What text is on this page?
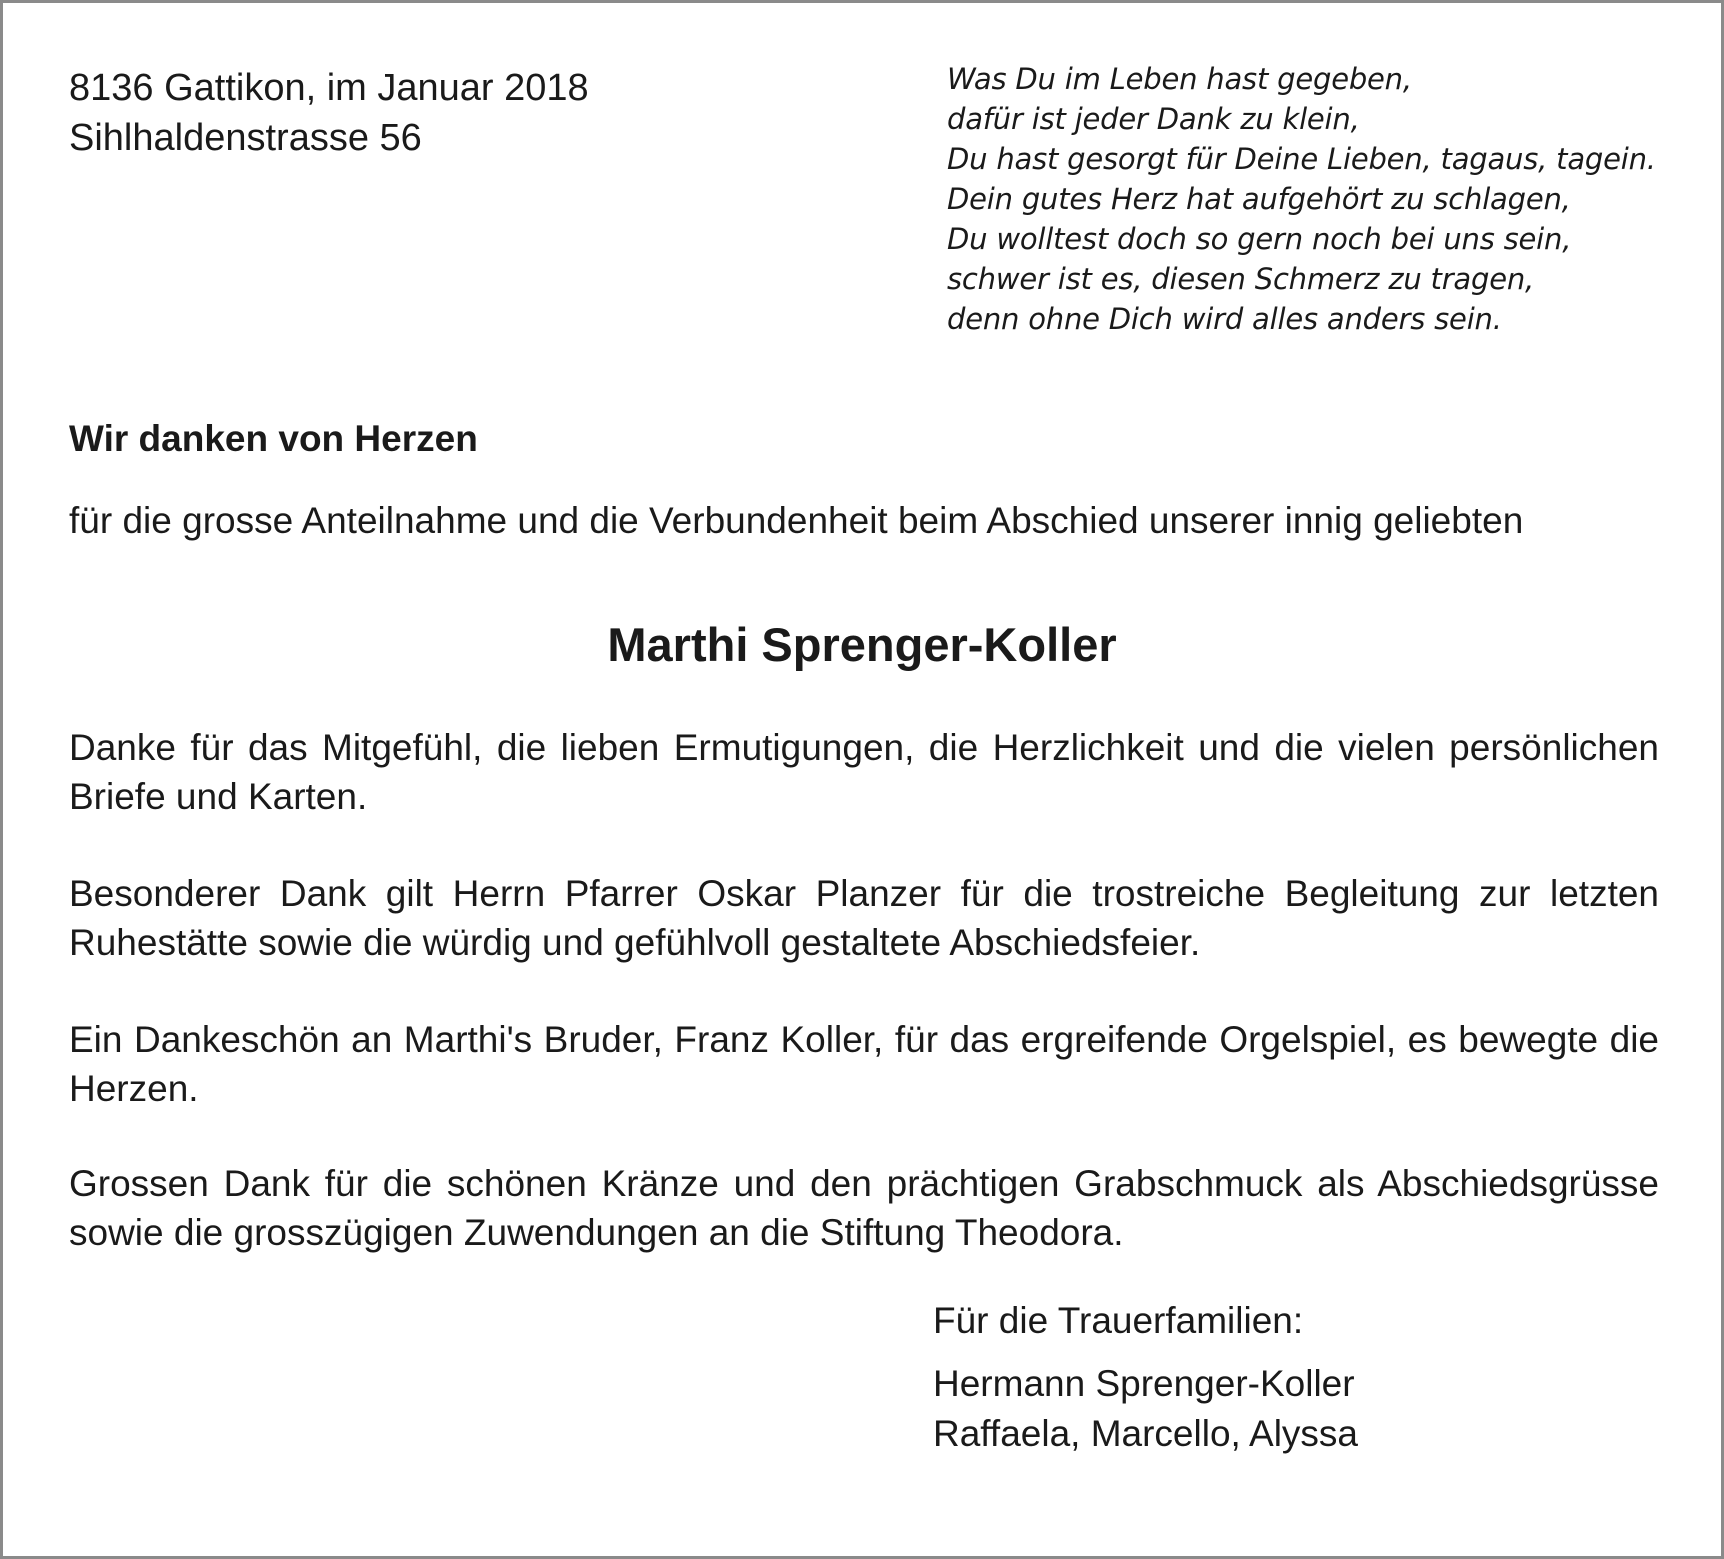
8136 Gattikon, im Januar 2018
Sihlhaldenstrasse 56
Was Du im Leben hast gegeben,
dafür ist jeder Dank zu klein,
Du hast gesorgt für Deine Lieben, tagaus, tagein.
Dein gutes Herz hat aufgehört zu schlagen,
Du wolltest doch so gern noch bei uns sein,
schwer ist es, diesen Schmerz zu tragen,
denn ohne Dich wird alles anders sein.
Wir danken von Herzen
für die grosse Anteilnahme und die Verbundenheit beim Abschied unserer innig geliebten
Marthi Sprenger-Koller
Danke für das Mitgefühl, die lieben Ermutigungen, die Herzlichkeit und die vielen persönlichen Briefe und Karten.
Besonderer Dank gilt Herrn Pfarrer Oskar Planzer für die trostreiche Begleitung zur letzten Ruhestätte sowie die würdig und gefühlvoll gestaltete Abschiedsfeier.
Ein Dankeschön an Marthi's Bruder, Franz Koller, für das ergreifende Orgelspiel, es bewegte die Herzen.
Grossen Dank für die schönen Kränze und den prächtigen Grabschmuck als Abschiedsgrüsse sowie die grosszügigen Zuwendungen an die Stiftung Theodora.
Für die Trauerfamilien:
Hermann Sprenger-Koller
Raffaela, Marcello, Alyssa
